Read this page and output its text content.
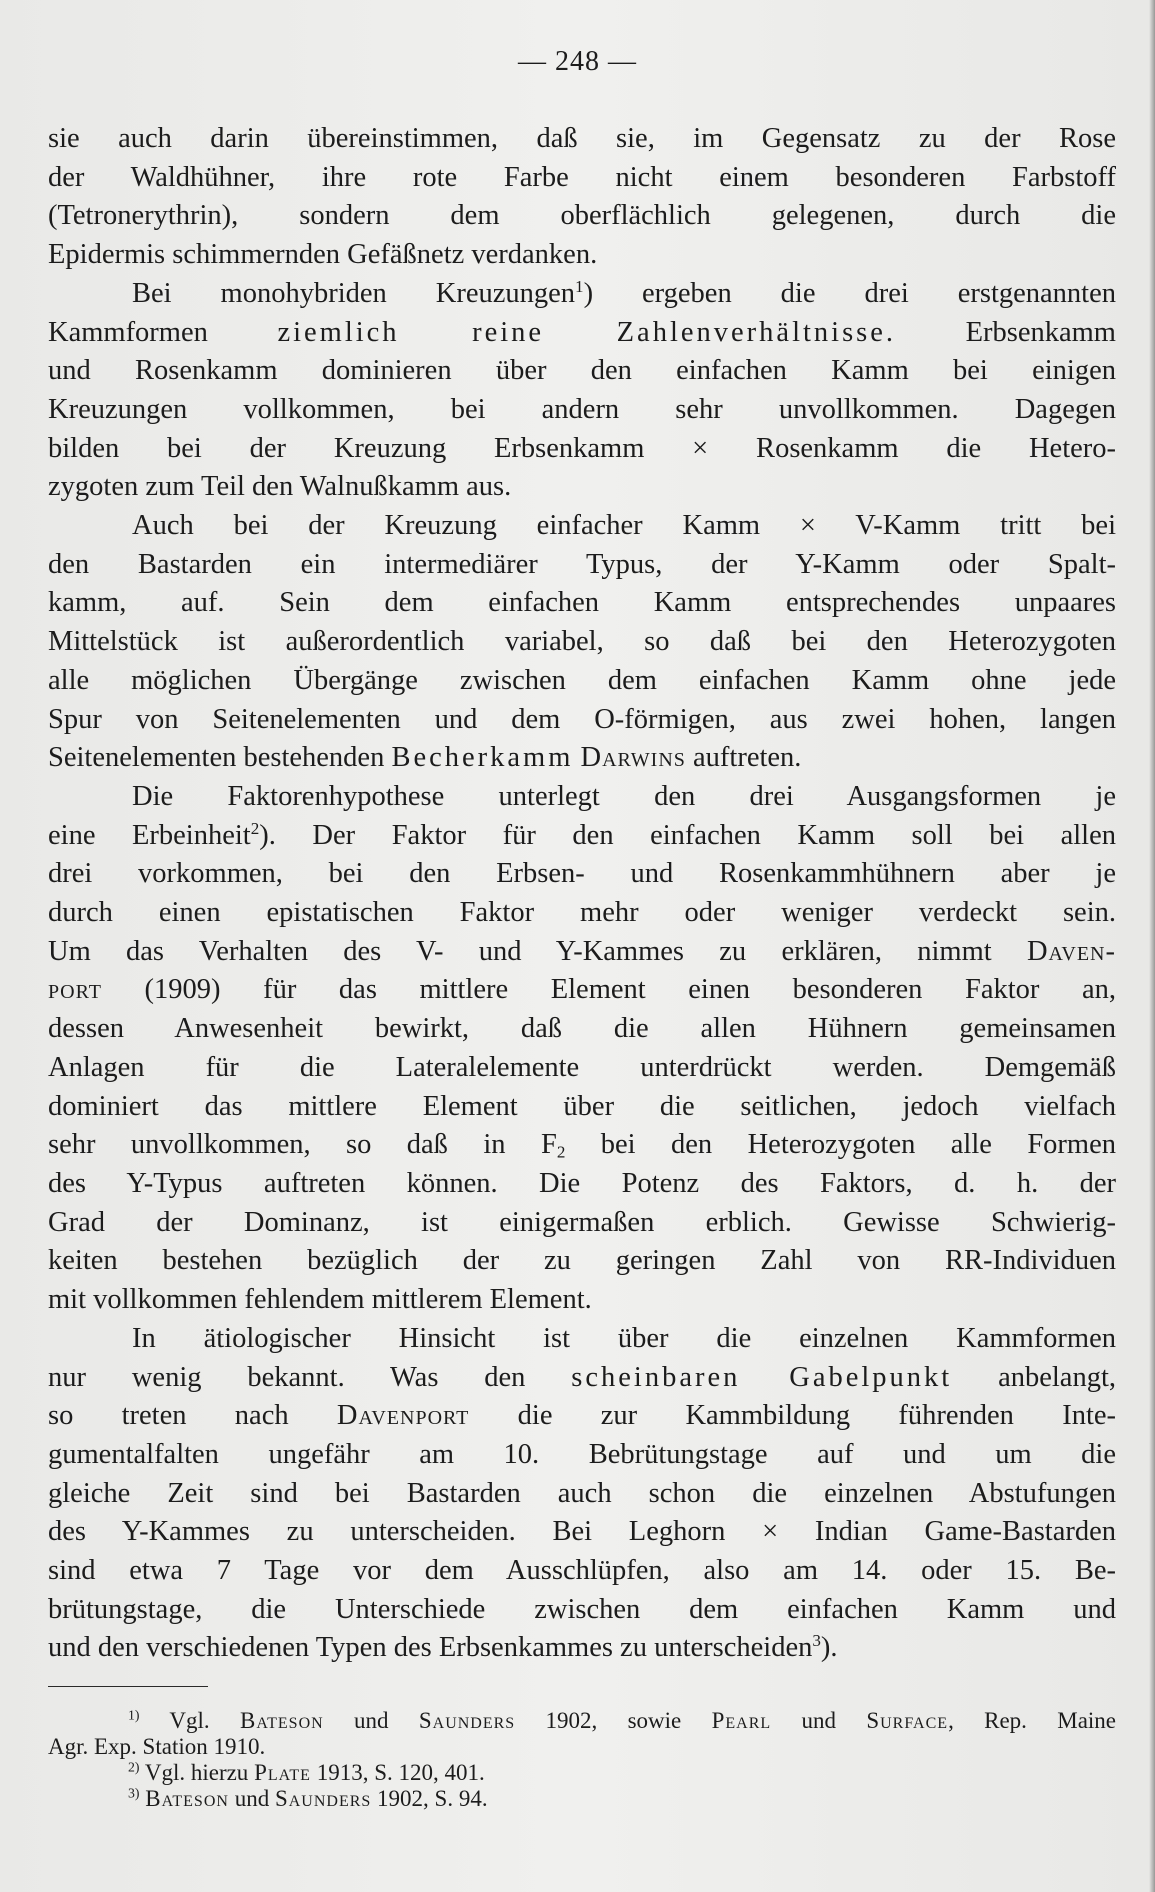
— 248 —

sie auch darin übereinstimmen, daß sie, im Gegensatz zu der Rose
der Waldhühner, ihre rote Farbe nicht einem besonderen Farbstoff
(Tetronerythrin), sondern dem oberflächlich gelegenen, durch die
Epidermis schimmernden Gefäßnetz verdanken.

Bei monohybriden Kreuzungen$^1$) ergeben die drei erstgenannten
Kammformen ziemlich reine Zahlenverhältnisse. Erbsenkamm
und Rosenkamm dominieren über den einfachen Kamm bei einigen
Kreuzungen vollkommen, bei andern sehr unvollkommen. Dagegen
bilden bei der Kreuzung Erbsenkamm × Rosenkamm die Hetero-
zygoten zum Teil den Walnußkamm aus.

Auch bei der Kreuzung einfacher Kamm × V-Kamm tritt bei
den Bastarden ein intermediärer Typus, der Y-Kamm oder Spalt-
kamm, auf. Sein dem einfachen Kamm entsprechendes unpaares
Mittelstück ist außerordentlich variabel, so daß bei den Heterozygoten
alle möglichen Übergänge zwischen dem einfachen Kamm ohne jede
Spur von Seitenelementen und dem O-förmigen, aus zwei hohen, langen
Seitenelementen bestehenden Becherkamm Darwins auftreten.

Die Faktorenhypothese unterlegt den drei Ausgangsformen je
eine Erbeinheit$^2$). Der Faktor für den einfachen Kamm soll bei allen
drei vorkommen, bei den Erbsen- und Rosenkammhühnern aber je
durch einen epistatischen Faktor mehr oder weniger verdeckt sein.
Um das Verhalten des V- und Y-Kammes zu erklären, nimmt Daven-
port (1909) für das mittlere Element einen besonderen Faktor an,
dessen Anwesenheit bewirkt, daß die allen Hühnern gemeinsamen
Anlagen für die Lateralelemente unterdrückt werden. Demgemäß
dominiert das mittlere Element über die seitlichen, jedoch vielfach
sehr unvollkommen, so daß in $F_2$ bei den Heterozygoten alle Formen
des Y-Typus auftreten können. Die Potenz des Faktors, d. h. der
Grad der Dominanz, ist einigermaßen erblich. Gewisse Schwierig-
keiten bestehen bezüglich der zu geringen Zahl von RR-Individuen
mit vollkommen fehlendem mittlerem Element.

In ätiologischer Hinsicht ist über die einzelnen Kammformen
nur wenig bekannt. Was den scheinbaren Gabelpunkt anbelangt,
so treten nach Davenport die zur Kammbildung führenden Inte-
gumentalfalten ungefähr am 10. Bebrütungstage auf und um die
gleiche Zeit sind bei Bastarden auch schon die einzelnen Abstufungen
des Y-Kammes zu unterscheiden. Bei Leghorn × Indian Game-Bastarden
sind etwa 7 Tage vor dem Ausschlüpfen, also am 14. oder 15. Be-
brütungstage, die Unterschiede zwischen dem einfachen Kamm und
und den verschiedenen Typen des Erbsenkammes zu unterscheiden$^3$).

$^{1)}$ Vgl. Bateson und Saunders 1902, sowie Pearl und Surface, Rep. Maine
Agr. Exp. Station 1910.
$^{2)}$ Vgl. hierzu Plate 1913, S. 120, 401.
$^{3)}$ Bateson und Saunders 1902, S. 94.
